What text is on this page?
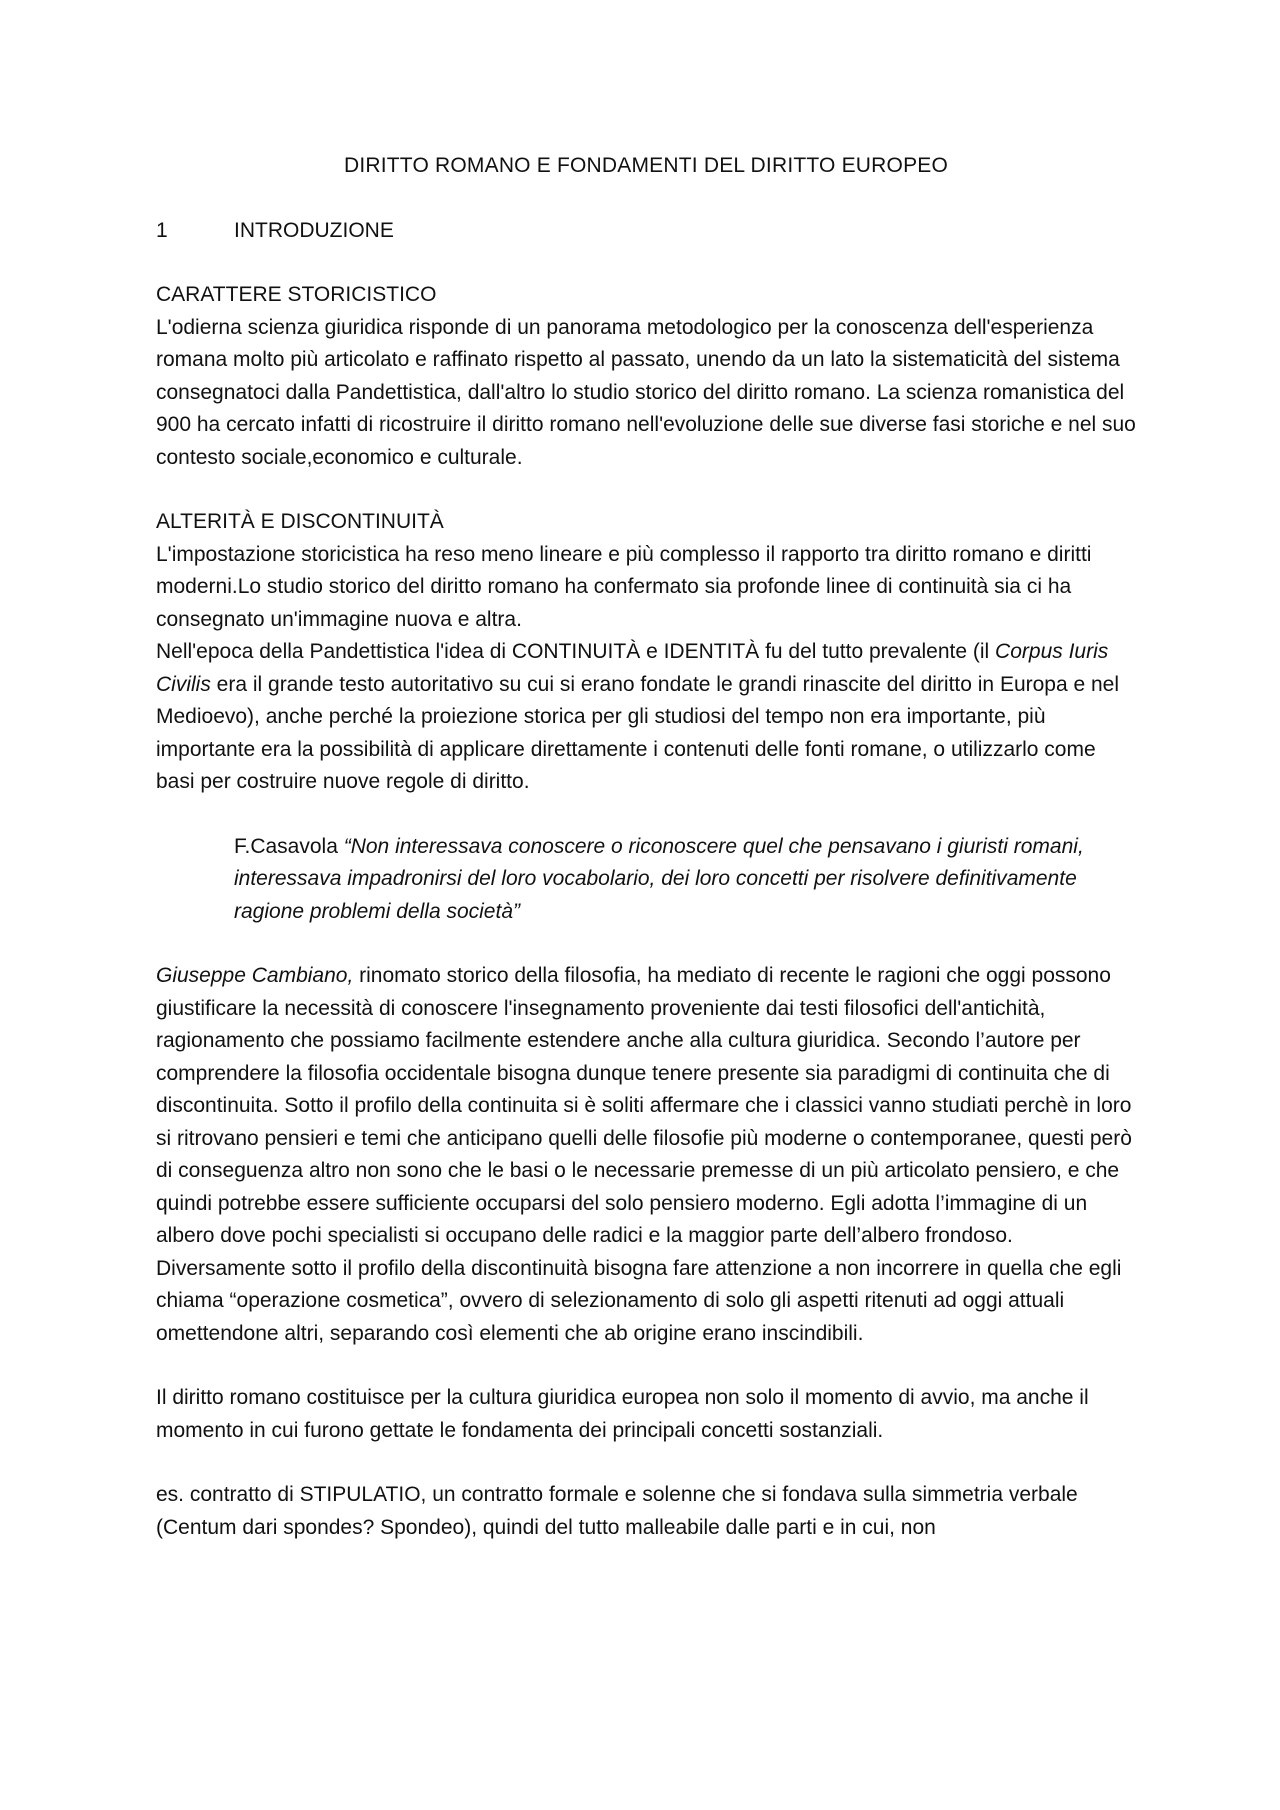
DIRITTO ROMANO E FONDAMENTI DEL DIRITTO EUROPEO
1	INTRODUZIONE
CARATTERE STORICISTICO

L'odierna scienza giuridica risponde di un panorama metodologico per la conoscenza dell'esperienza romana molto più articolato e raffinato rispetto al passato, unendo da un lato la sistematicità del sistema consegnatoci dalla Pandettistica, dall'altro lo studio storico del diritto romano. La scienza romanistica del 900 ha cercato infatti di ricostruire il diritto romano nell'evoluzione delle sue diverse fasi storiche e nel suo contesto sociale,economico e culturale.

ALTERITÀ E DISCONTINUITÀ

L'impostazione storicistica ha reso meno lineare e più complesso il rapporto tra diritto romano e diritti moderni.Lo studio storico del diritto romano ha confermato sia profonde linee di continuità sia ci ha consegnato un'immagine nuova e altra.

Nell'epoca della Pandettistica l'idea di CONTINUITÀ e IDENTITÀ fu del tutto prevalente (il Corpus Iuris Civilis era il grande testo autoritativo su cui si erano fondate le grandi rinascite del diritto in Europa e nel Medioevo), anche perché la proiezione storica per gli studiosi del tempo non era importante, più importante era la possibilità di applicare direttamente i contenuti delle fonti romane, o utilizzarlo come basi per costruire nuove regole di diritto.

F.Casavola “Non interessava conoscere o riconoscere quel che pensavano i giuristi romani, interessava impadronirsi del loro vocabolario, dei loro concetti per risolvere definitivamente ragione problemi della società”

Giuseppe Cambiano, rinomato storico della filosofia, ha mediato di recente le ragioni che oggi possono giustificare la necessità di conoscere l'insegnamento proveniente dai testi filosofici dell'antichità, ragionamento che possiamo facilmente estendere anche alla cultura giuridica. Secondo l’autore per comprendere la filosofia occidentale bisogna dunque tenere presente sia paradigmi di continuita che di discontinuita. Sotto il profilo della continuita si è soliti affermare che i classici vanno studiati perchè in loro si ritrovano pensieri e temi che anticipano quelli delle filosofie più moderne o contemporanee, questi però di conseguenza altro non sono che le basi o le necessarie premesse di un più articolato pensiero, e che quindi potrebbe essere sufficiente occuparsi del solo pensiero moderno. Egli adotta l’immagine di un albero dove pochi specialisti si occupano delle radici e la maggior parte dell’albero frondoso. Diversamente sotto il profilo della discontinuità bisogna fare attenzione a non incorrere in quella che egli chiama “operazione cosmetica”, ovvero di selezionamento di solo gli aspetti ritenuti ad oggi attuali omettendone altri, separando così elementi che ab origine erano inscindibili.

Il diritto romano costituisce per la cultura giuridica europea non solo il momento di avvio, ma anche il momento in cui furono gettate le fondamenta dei principali concetti sostanziali.

es. contratto di STIPULATIO, un contratto formale e solenne che si fondava sulla simmetria verbale (Centum dari spondes? Spondeo), quindi del tutto malleabile dalle parti e in cui, non
